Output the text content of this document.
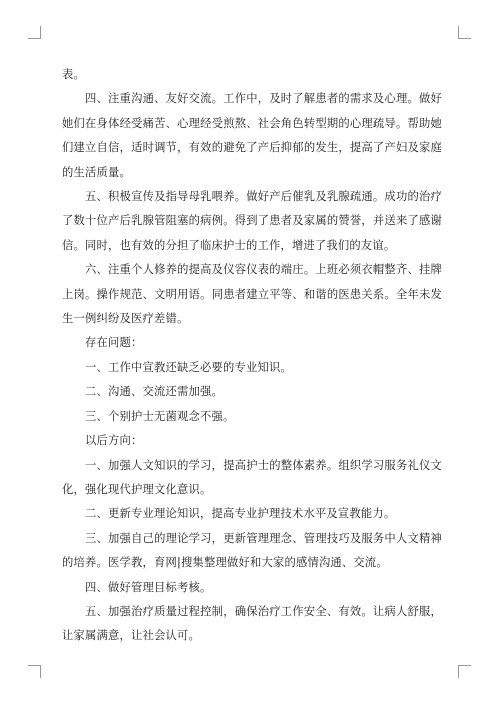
表。

四、注重沟通、友好交流。工作中，及时了解患者的需求及心理。做好她们在身体经受痛苦、心理经受煎熬、社会角色转型期的心理疏导。帮助她们建立自信，适时调节，有效的避免了产后抑郁的发生，提高了产妇及家庭的生活质量。

五、积极宣传及指导母乳喂养。做好产后催乳及乳腺疏通。成功的治疗了数十位产后乳腺管阻塞的病例。得到了患者及家属的赞誉，并送来了感谢信。同时，也有效的分担了临床护士的工作，增进了我们的友谊。

六、注重个人修养的提高及仪容仪表的端庄。上班必须衣帽整齐、挂牌上岗。操作规范、文明用语。同患者建立平等、和谐的医患关系。全年未发生一例纠纷及医疗差错。

存在问题：

一、工作中宣教还缺乏必要的专业知识。

二、沟通、交流还需加强。

三、个别护士无菌观念不强。

以后方向：

一、加强人文知识的学习，提高护士的整体素养。组织学习服务礼仪文化，强化现代护理文化意识。

二、更新专业理论知识，提高专业护理技术水平及宣教能力。

三、加强自己的理论学习，更新管理理念、管理技巧及服务中人文精神的培养。医学教，育网|搜集整理做好和大家的感情沟通、交流。

四、做好管理目标考核。

五、加强治疗质量过程控制，确保治疗工作安全、有效。让病人舒服，让家属满意，让社会认可。
